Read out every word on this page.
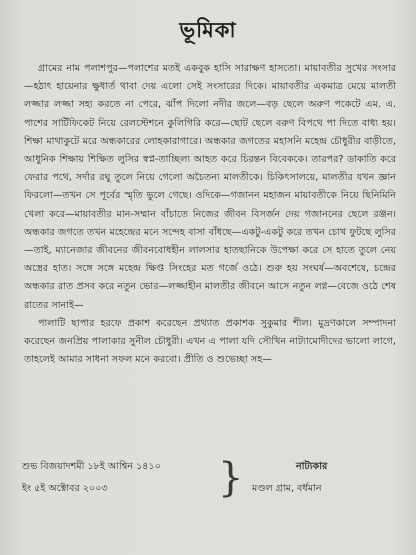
ভূমিকা

গ্রামের নাম পলাশপুর—পলাশের মতই একবুক হাসি সারাক্ষণ হাসতো। মায়াবতীর সুখের সংসার—হঠাৎ হায়েনার ক্ষুধার্ত থাবা দেয় এলো সেই সংসারের দিকে। মায়াবতীর একমাত্র মেয়ে মালতী লজ্জার লজ্জা সহ্য করতে না পেরে, ঝাঁপ দিলো নদীর জলে—বড় ছেলে অরুণ পকেটে এম. এ. পাশের সার্টিফিকেট নিয়ে রেলস্টেশনে কুলিগিরি করে—ছোট ছেলে বরুণ বিপথে পা দিতে বাধ্য হয়। শিক্ষা মাথাকুটে মরে অন্ধকারের লোহকারাগারে। অন্ধকার জগতের মহাসনি মহেন্দ্র চৌধুরীর বাড়ীতে, আধুনিক শিক্ষায় শিক্ষিত লুসির স্বপ্ন-তাচ্ছিল্য আহত করে চিরন্তন বিবেককে। তারপর? ডাকাতি করে ফেরার পথে, সর্দার রঘু তুলে নিয়ে গেলো অচৈতন্য মালতীকে। চিকিৎসালয়ে, মালতীর যখন জ্ঞান ফিরলো—তখন সে পূর্বের স্মৃতি ভুলে গেছে। ওদিকে—গজানন মহাজন মায়াবতীকে নিয়ে ছিনিমিনি খেলা করে—মায়াবতীর মান-সম্মান বাঁচাতে নিজের জীবন বিসর্জন দেয় গজাননের ছেলে রঞ্জন। অন্ধকার জগতে তখন মহেন্দ্রের মনে সন্দেহ বাসা বাঁধছে—একটু-একটু করে তখন চোখ ফুটছে লুসির—তাই, ম্যানেজার জীবনের জীবনবোধহীন লালসার হাতছানিকে উপেক্ষা করে সে হাতে তুলে নেয় অস্ত্রের হাত। সঙ্গে সঙ্গে মহেন্দ্র ক্ষিপ্ত সিংহের মত গর্জে ওঠে। শুরু হয় সংঘর্ষ—অবশেষে, চন্দ্রের অন্ধকার রাত প্রসব করে নতুন ভোর—লজ্জাহীন মালতীর জীবনে আসে নতুন লগ্ন—বেজে ওঠে শেষ রাতের সানাই—

পালাটি ছাপার হরফে প্রকাশ করেছেন প্রথ্যাত প্রকাশক সুকুমার শীল। মুদ্রণকালে সম্পাদনা করেছেন জনপ্রিয় পালাকার সুনীল চৌধুরী। এখন এ পালা যদি সৌখিন নাট্যামোদীদের ভালো লাগে, তাহলেই আমার সাধনা সফল মনে করবো। প্রীতি ও শুভেচ্ছা সহ—

শুভ বিজয়াদশমী ১৮ই আশ্বিন ১৪১০
ইং ৫ই অক্টোবর ২০০৩	}	নাট্যকার
মণ্ডল গ্রাম, বর্ধমান
